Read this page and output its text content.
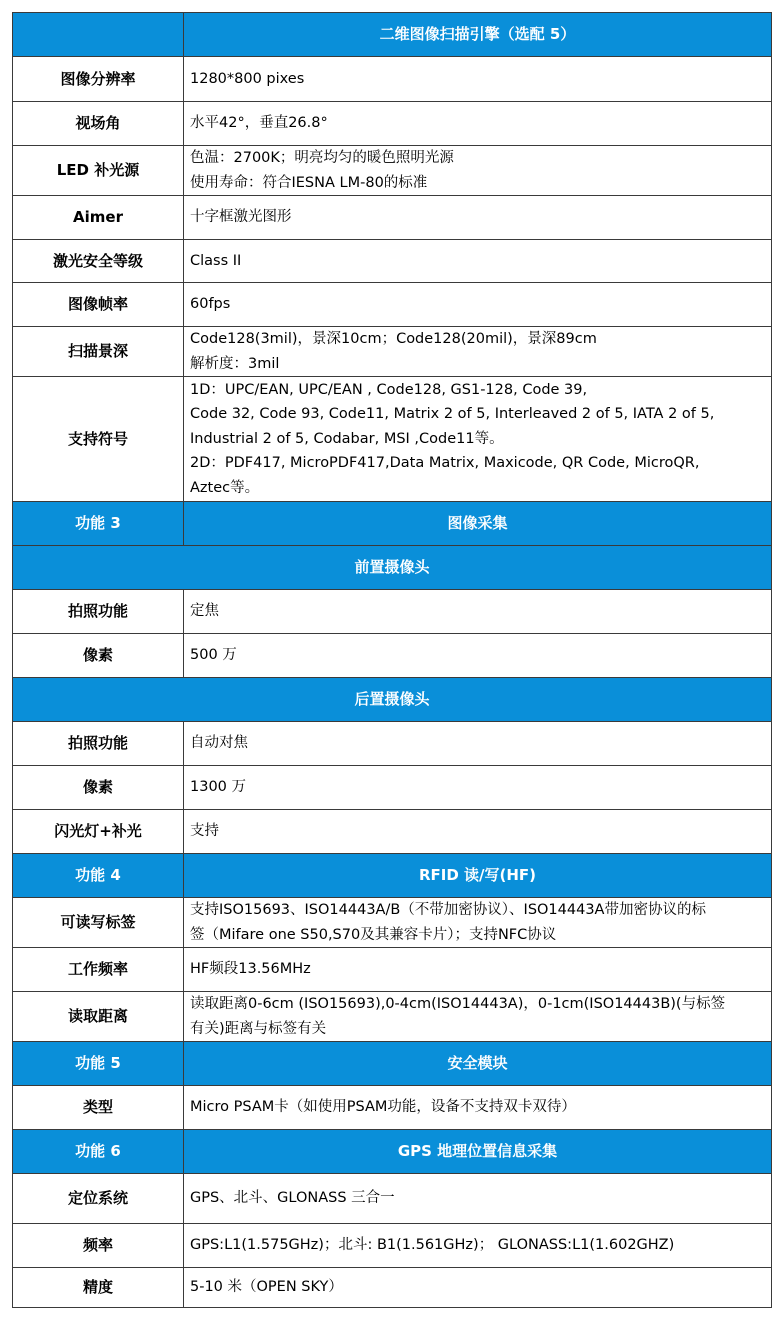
	二维图像扫描引擎（选配 5）
图像分辨率	1280*800 pixes

视场角	水平42°，垂直26.8°

LED 补光源	色温：2700K；明亮均匀的暖色照明光源
使用寿命：符合IESNA LM-80的标准

Aimer	十字框激光图形

激光安全等级	Class II

图像帧率	60fps

扫描景深	Code128(3mil)，景深10cm；Code128(20mil)，景深89cm
解析度：3mil

支持符号	1D：UPC/EAN, UPC/EAN , Code128, GS1-128, Code 39,
Code 32, Code 93, Code11, Matrix 2 of 5, Interleaved 2 of 5, IATA 2 of 5,
Industrial 2 of 5, Codabar, MSI ,Code11等。
2D：PDF417, MicroPDF417,Data Matrix, Maxicode, QR Code, MicroQR,
Aztec等。

功能 3	图像采集
前置摄像头	
拍照功能	定焦

像素	500 万

后置摄像头	
拍照功能	自动对焦

像素	1300 万

闪光灯+补光	支持

功能 4	RFID 读/写(HF)
可读写标签	支持ISO15693、ISO14443A/B（不带加密协议）、ISO14443A带加密协议的标
签（Mifare one S50,S70及其兼容卡片）；支持NFC协议

工作频率	HF频段13.56MHz

读取距离	读取距离0-6cm (ISO15693),0-4cm(ISO14443A)，0-1cm(ISO14443B)(与标签
有关)距离与标签有关

功能 5	安全模块
类型	Micro PSAM卡（如使用PSAM功能，设备不支持双卡双待）

功能 6	GPS 地理位置信息采集
定位系统	GPS、北斗、GLONASS 三合一

频率	GPS:L1(1.575GHz)；北斗: B1(1.561GHz)； GLONASS:L1(1.602GHZ)

精度	5-10 米（OPEN SKY）
